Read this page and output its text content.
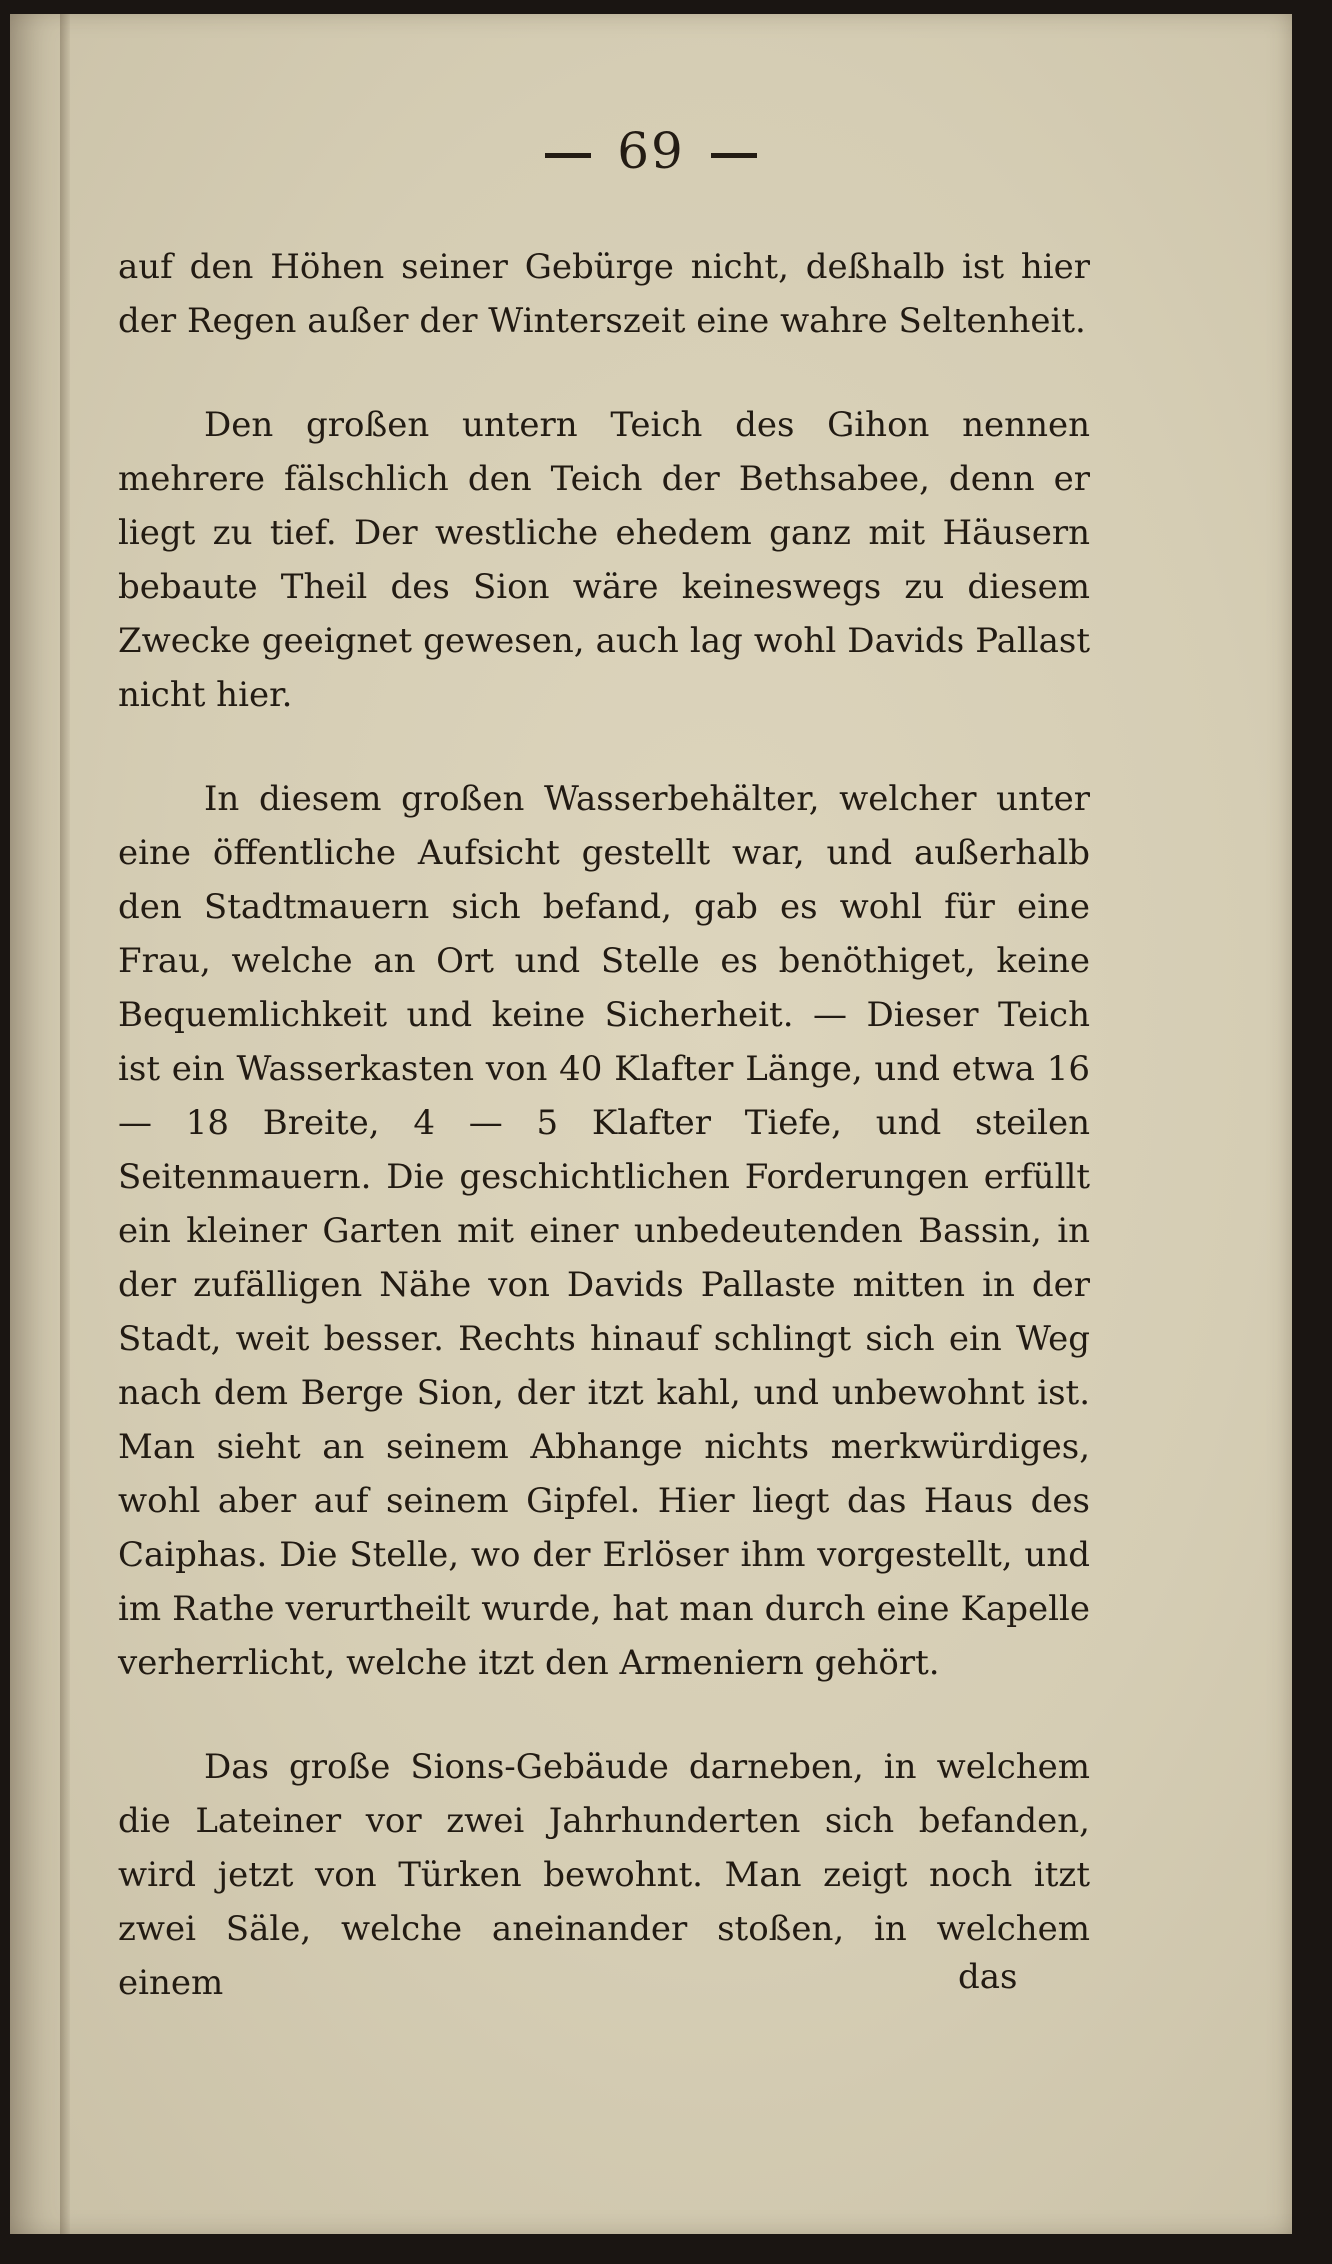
69

auf den Höhen seiner Gebürge nicht, deßhalb ist hier der Regen außer der Winterszeit eine wahre Seltenheit.

Den großen untern Teich des Gihon nennen mehrere fälschlich den Teich der Bethsabee, denn er liegt zu tief. Der westliche ehedem ganz mit Häusern bebaute Theil des Sion wäre keineswegs zu diesem Zwecke geeignet gewesen, auch lag wohl Davids Pallast nicht hier.

In diesem großen Wasserbehälter, welcher unter eine öffentliche Aufsicht gestellt war, und außerhalb den Stadtmauern sich befand, gab es wohl für eine Frau, welche an Ort und Stelle es benöthiget, keine Bequemlichkeit und keine Sicherheit. — Dieser Teich ist ein Wasserkasten von 40 Klafter Länge, und etwa 16 — 18 Breite, 4 — 5 Klafter Tiefe, und steilen Seitenmauern. Die geschichtlichen Forderungen erfüllt ein kleiner Garten mit einer unbedeutenden Bassin, in der zufälligen Nähe von Davids Pallaste mitten in der Stadt, weit besser. Rechts hinauf schlingt sich ein Weg nach dem Berge Sion, der itzt kahl, und unbewohnt ist. Man sieht an seinem Abhange nichts merkwürdiges, wohl aber auf seinem Gipfel. Hier liegt das Haus des Caiphas. Die Stelle, wo der Erlöser ihm vorgestellt, und im Rathe verurtheilt wurde, hat man durch eine Kapelle verherrlicht, welche itzt den Armeniern gehört.

Das große Sions-Gebäude darneben, in welchem die Lateiner vor zwei Jahrhunderten sich befanden, wird jetzt von Türken bewohnt. Man zeigt noch itzt zwei Säle, welche aneinander stoßen, in welchem einem	das
